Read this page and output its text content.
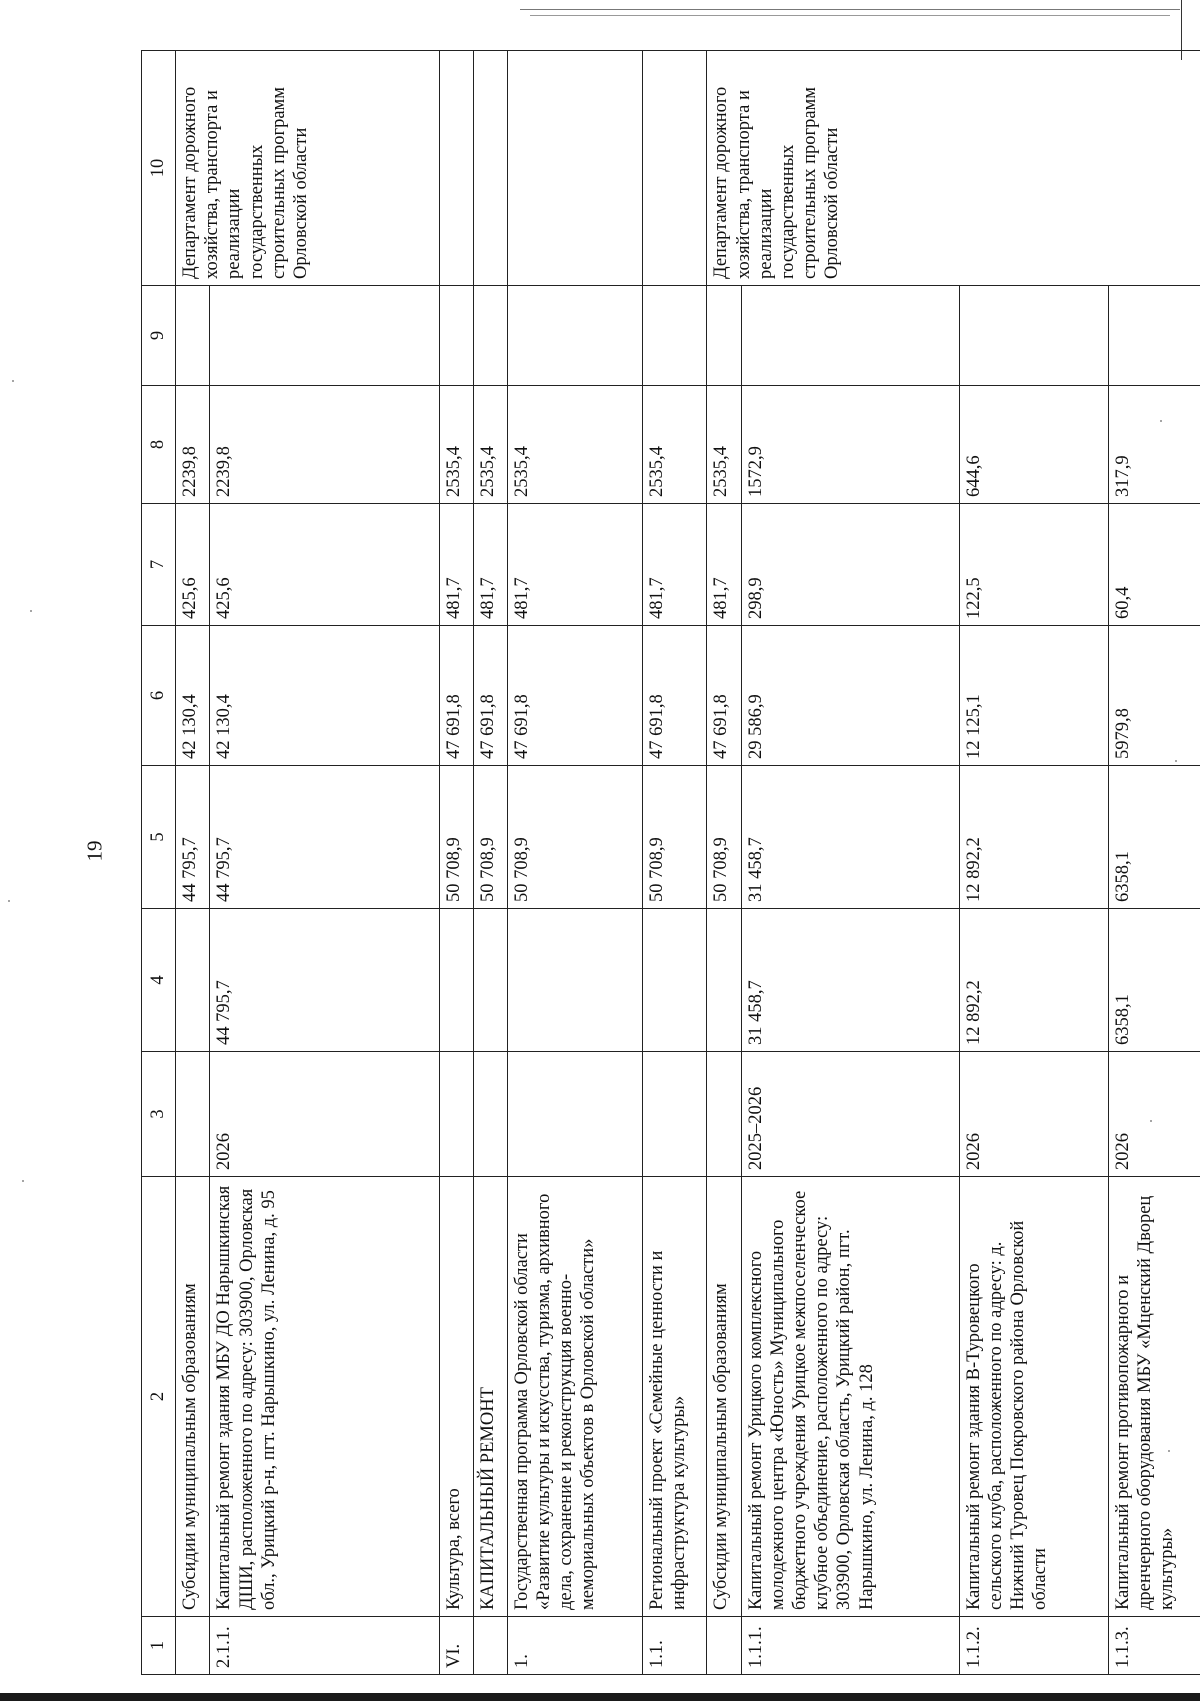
19
1	2	3	4	5	6	7	8	9	10
	Субсидии муниципальным образованиям			44 795,7	42 130,4	425,6	2239,8		Департамент дорожного хозяйства, транспорта и реализации государственных строительных программ Орловской области
2.1.1.	Капитальный ремонт здания МБУ ДО Нарышкинская ДШИ, расположенного по адресу: 303900, Орловская обл., Урицкий р-н, пгт. Нарышкино, ул. Ленина, д. 95	2026	44 795,7	44 795,7	42 130,4	425,6	2239,8		
VI.	Культура, всего			50 708,9	47 691,8	481,7	2535,4		
	КАПИТАЛЬНЫЙ РЕМОНТ			50 708,9	47 691,8	481,7	2535,4		
1.	Государственная программа Орловской области «Развитие культуры и искусства, туризма, архивного дела, сохранение и реконструкция военно-мемориальных объектов в Орловской области»			50 708,9	47 691,8	481,7	2535,4		
1.1.	Региональный проект «Семейные ценности и инфраструктура культуры»			50 708,9	47 691,8	481,7	2535,4		
	Субсидии муниципальным образованиям			50 708,9	47 691,8	481,7	2535,4		Департамент дорожного хозяйства, транспорта и реализации государственных строительных программ Орловской области
1.1.1.	Капитальный ремонт Урицкого комплексного молодежного центра «Юность» Муниципального бюджетного учреждения Урицкое межпоселенческое клубное объединение, расположенного по адресу: 303900, Орловская область, Урицкий район, пгт. Нарышкино, ул. Ленина, д. 128	2025–2026	31 458,7	31 458,7	29 586,9	298,9	1572,9		
1.1.2.	Капитальный ремонт здания В-Туровецкого сельского клуба, расположенного по адресу: д. Нижний Туровец Покровского района Орловской области	2026	12 892,2	12 892,2	12 125,1	122,5	644,6		
1.1.3.	Капитальный ремонт противопожарного и дренчерного оборудования МБУ «Мценский Дворец культуры»	2026	6358,1	6358,1	5979,8	60,4	317,9		
